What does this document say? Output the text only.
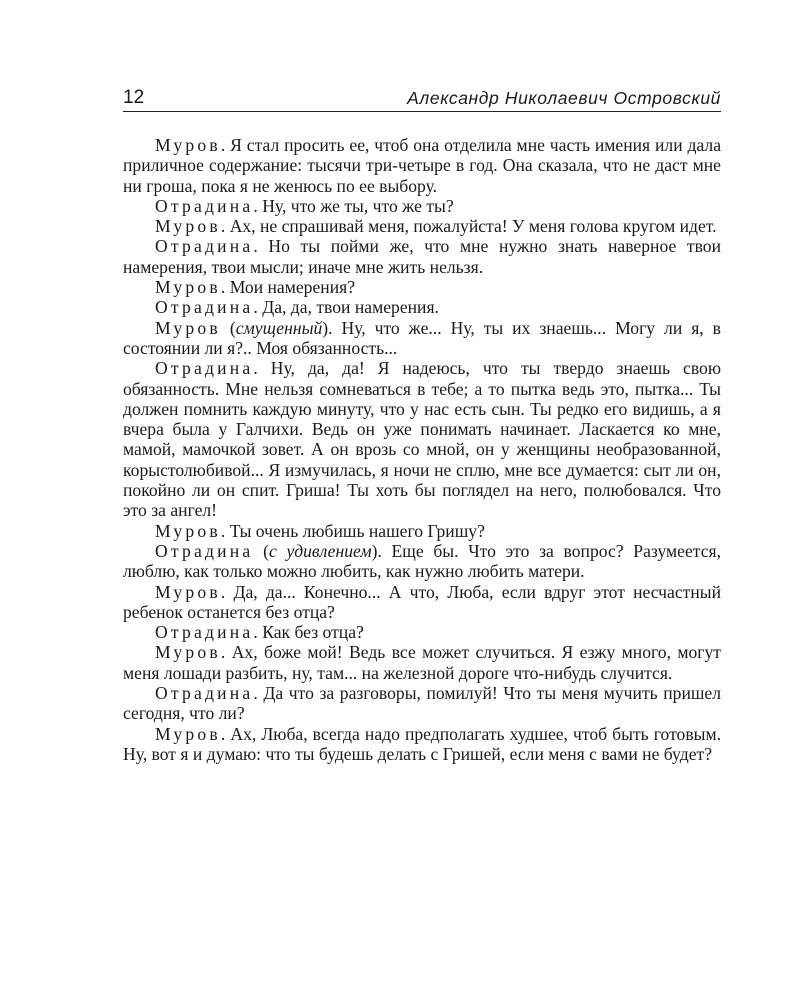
12	Александр Николаевич Островский

Муров. Я стал просить ее, чтоб она отделила мне часть имения или дала приличное содержание: тысячи три-четыре в год. Она сказала, что не даст мне ни гроша, пока я не женюсь по ее выбору.

Отрадина. Ну, что же ты, что же ты?

Муров. Ах, не спрашивай меня, пожалуйста! У меня голова кругом идет.

Отрадина. Но ты пойми же, что мне нужно знать наверное твои намерения, твои мысли; иначе мне жить нельзя.

Муров. Мои намерения?

Отрадина. Да, да, твои намерения.

Муров (смущенный). Ну, что же... Ну, ты их знаешь... Могу ли я, в состоянии ли я?.. Моя обязанность...

Отрадина. Ну, да, да! Я надеюсь, что ты твердо знаешь свою обязанность. Мне нельзя сомневаться в тебе; а то пытка ведь это, пытка... Ты должен помнить каждую минуту, что у нас есть сын. Ты редко его видишь, а я вчера была у Галчихи. Ведь он уже понимать начинает. Ласкается ко мне, мамой, мамочкой зовет. А он врозь со мной, он у женщины необразованной, корыстолюбивой... Я измучилась, я ночи не сплю, мне все думается: сыт ли он, покойно ли он спит. Гриша! Ты хоть бы поглядел на него, полюбовался. Что это за ангел!

Муров. Ты очень любишь нашего Гришу?

Отрадина (с удивлением). Еще бы. Что это за вопрос? Разумеется, люблю, как только можно любить, как нужно любить матери.

Муров. Да, да... Конечно... А что, Люба, если вдруг этот несчастный ребенок останется без отца?

Отрадина. Как без отца?

Муров. Ах, боже мой! Ведь все может случиться. Я езжу много, могут меня лошади разбить, ну, там... на железной дороге что-нибудь случится.

Отрадина. Да что за разговоры, помилуй! Что ты меня мучить пришел сегодня, что ли?

Муров. Ах, Люба, всегда надо предполагать худшее, чтоб быть готовым. Ну, вот я и думаю: что ты будешь делать с Гришей, если меня с вами не будет?
